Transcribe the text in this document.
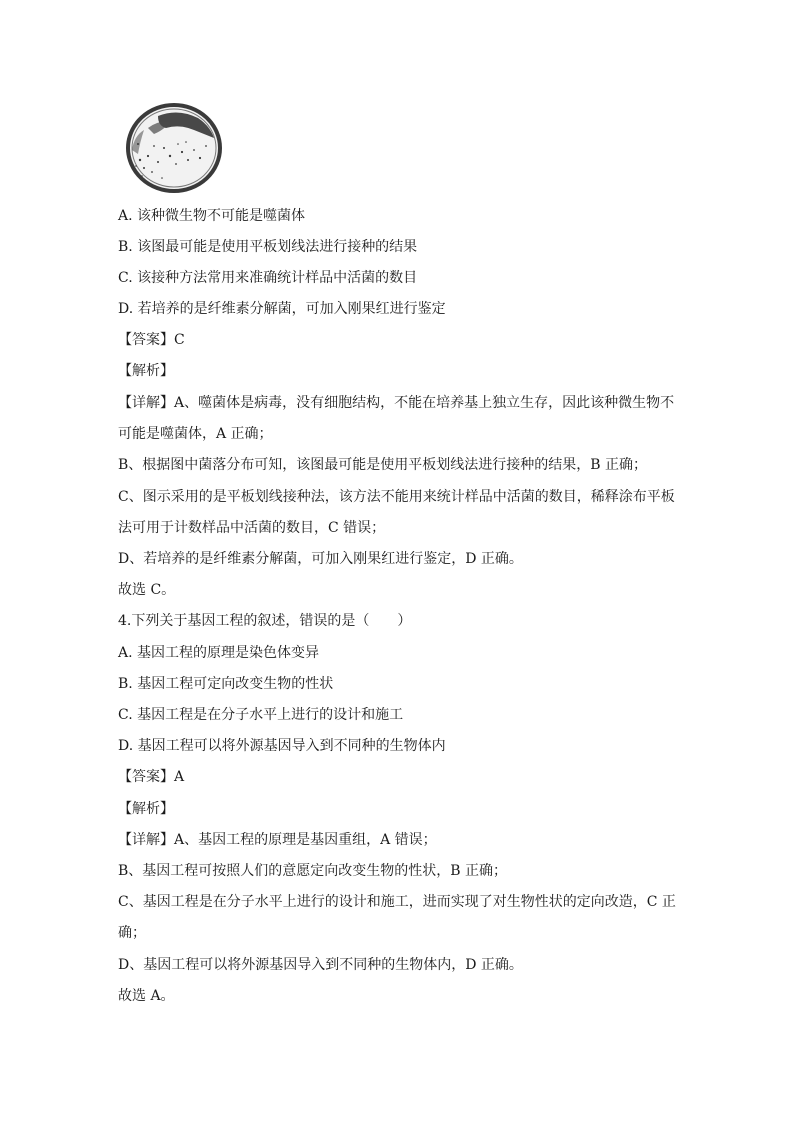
A. 该种微生物不可能是噬菌体
B. 该图最可能是使用平板划线法进行接种的结果
C. 该接种方法常用来准确统计样品中活菌的数目
D. 若培养的是纤维素分解菌，可加入刚果红进行鉴定
【答案】C
【解析】
【详解】A、噬菌体是病毒，没有细胞结构，不能在培养基上独立生存，因此该种微生物不
可能是噬菌体，A 正确；
B、根据图中菌落分布可知，该图最可能是使用平板划线法进行接种的结果，B 正确；
C、图示采用的是平板划线接种法，该方法不能用来统计样品中活菌的数目，稀释涂布平板
法可用于计数样品中活菌的数目，C 错误；
D、若培养的是纤维素分解菌，可加入刚果红进行鉴定，D 正确。
故选 C。
4.下列关于基因工程的叙述，错误的是（　　）
A. 基因工程的原理是染色体变异
B. 基因工程可定向改变生物的性状
C. 基因工程是在分子水平上进行的设计和施工
D. 基因工程可以将外源基因导入到不同种的生物体内
【答案】A
【解析】
【详解】A、基因工程的原理是基因重组，A 错误；
B、基因工程可按照人们的意愿定向改变生物的性状，B 正确；
C、基因工程是在分子水平上进行的设计和施工，进而实现了对生物性状的定向改造，C 正
确；
D、基因工程可以将外源基因导入到不同种的生物体内，D 正确。
故选 A。
